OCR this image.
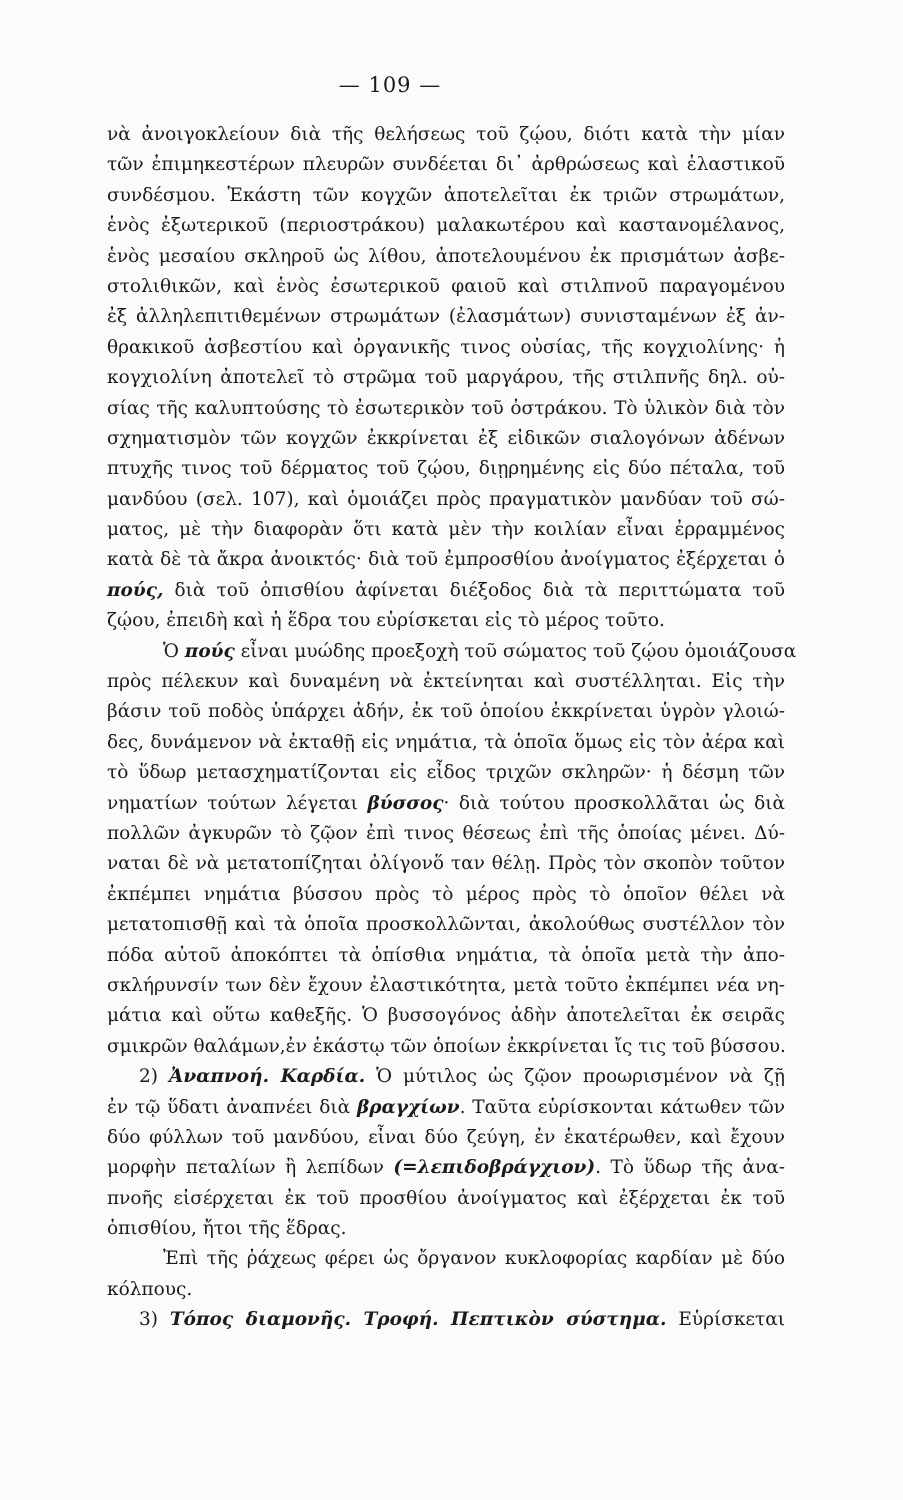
— 109 —
νὰ ἀνοιγοκλείουν διὰ τῆς θελήσεως τοῦ ζῴου, διότι κατὰ τὴν μίαν
τῶν ἐπιμηκεστέρων πλευρῶν συνδέεται δι᾽ ἀρθρώσεως καὶ ἐλαστικοῦ
συνδέσμου. Ἑκάστη τῶν κογχῶν ἀποτελεῖται ἐκ τριῶν στρωμάτων,
ἑνὸς ἐξωτερικοῦ (περιοστράκου) μαλακωτέρου καὶ καστανομέλανος,
ἑνὸς μεσαίου σκληροῦ ὡς λίθου, ἀποτελουμένου ἐκ πρισμάτων ἀσβε-
στολιθικῶν, καὶ ἑνὸς ἐσωτερικοῦ φαιοῦ καὶ στιλπνοῦ παραγομένου
ἐξ ἀλληλεπιτιθεμένων στρωμάτων (ἐλασμάτων) συνισταμένων ἐξ ἀν-
θρακικοῦ ἀσβεστίου καὶ ὀργανικῆς τινος οὐσίας, τῆς κογχιολίνης· ἡ
κογχιολίνη ἀποτελεῖ τὸ στρῶμα τοῦ μαργάρου, τῆς στιλπνῆς δηλ. οὐ-
σίας τῆς καλυπτούσης τὸ ἐσωτερικὸν τοῦ ὀστράκου. Τὸ ὑλικὸν διὰ τὸν
σχηματισμὸν τῶν κογχῶν ἐκκρίνεται ἐξ εἰδικῶν σιαλογόνων ἀδένων
πτυχῆς τινος τοῦ δέρματος τοῦ ζῴου, διῃρημένης εἰς δύο πέταλα, τοῦ
μανδύου (σελ. 107), καὶ ὁμοιάζει πρὸς πραγματικὸν μανδύαν τοῦ σώ-
ματος, μὲ τὴν διαφορὰν ὅτι κατὰ μὲν τὴν κοιλίαν εἶναι ἐρραμμένος
κατὰ δὲ τὰ ἄκρα ἀνοικτός· διὰ τοῦ ἐμπροσθίου ἀνοίγματος ἐξέρχεται ὁ
πούς, διὰ τοῦ ὀπισθίου ἀφίνεται διέξοδος διὰ τὰ περιττώματα τοῦ
ζῴου, ἐπειδὴ καὶ ἡ ἕδρα του εὑρίσκεται εἰς τὸ μέρος τοῦτο.
Ὁ πούς εἶναι μυώδης προεξοχὴ τοῦ σώματος τοῦ ζῴου ὁμοιάζουσα
πρὸς πέλεκυν καὶ δυναμένη νὰ ἐκτείνηται καὶ συστέλληται. Εἰς τὴν
βάσιν τοῦ ποδὸς ὑπάρχει ἀδήν, ἐκ τοῦ ὁποίου ἐκκρίνεται ὑγρὸν γλοιώ-
δες, δυνάμενον νὰ ἐκταθῇ εἰς νημάτια, τὰ ὁποῖα ὅμως εἰς τὸν ἀέρα καὶ
τὸ ὕδωρ μετασχηματίζονται εἰς εἶδος τριχῶν σκληρῶν· ἡ δέσμη τῶν
νηματίων τούτων λέγεται βύσσος· διὰ τούτου προσκολλᾶται ὡς διὰ
πολλῶν ἀγκυρῶν τὸ ζῷον ἐπὶ τινος θέσεως ἐπὶ τῆς ὁποίας μένει. Δύ-
ναται δὲ νὰ μετατοπίζηται ὀλίγονὅ ταν θέλῃ. Πρὸς τὸν σκοπὸν τοῦτον
ἐκπέμπει νημάτια βύσσου πρὸς τὸ μέρος πρὸς τὸ ὁποῖον θέλει νὰ
μετατοπισθῇ καὶ τὰ ὁποῖα προσκολλῶνται, ἀκολούθως συστέλλον τὸν
πόδα αὐτοῦ ἀποκόπτει τὰ ὀπίσθια νημάτια, τὰ ὁποῖα μετὰ τὴν ἀπο-
σκλήρυνσίν των δὲν ἔχουν ἐλαστικότητα, μετὰ τοῦτο ἐκπέμπει νέα νη-
μάτια καὶ οὕτω καθεξῆς. Ὁ βυσσογόνος ἀδὴν ἀποτελεῖται ἐκ σειρᾶς
σμικρῶν θαλάμων,ἐν ἑκάστῳ τῶν ὁποίων ἐκκρίνεται ἴς τις τοῦ βύσσου.
2) Ἀναπνοή. Καρδία. Ὁ μύτιλος ὡς ζῷον προωρισμένον νὰ ζῇ
ἐν τῷ ὕδατι ἀναπνέει διὰ βραγχίων. Ταῦτα εὑρίσκονται κάτωθεν τῶν
δύο φύλλων τοῦ μανδύου, εἶναι δύο ζεύγη, ἐν ἑκατέρωθεν, καὶ ἔχουν
μορφὴν πεταλίων ἢ λεπίδων (=λεπιδοβράγχιον). Τὸ ὕδωρ τῆς ἀνα-
πνοῆς εἰσέρχεται ἐκ τοῦ προσθίου ἀνοίγματος καὶ ἐξέρχεται ἐκ τοῦ
ὀπισθίου, ἤτοι τῆς ἕδρας.
Ἐπὶ τῆς ῥάχεως φέρει ὡς ὄργανον κυκλοφορίας καρδίαν μὲ δύο
κόλπους.
3) Τόπος διαμονῆς. Τροφή. Πεπτικὸν σύστημα. Εὑρίσκεται
